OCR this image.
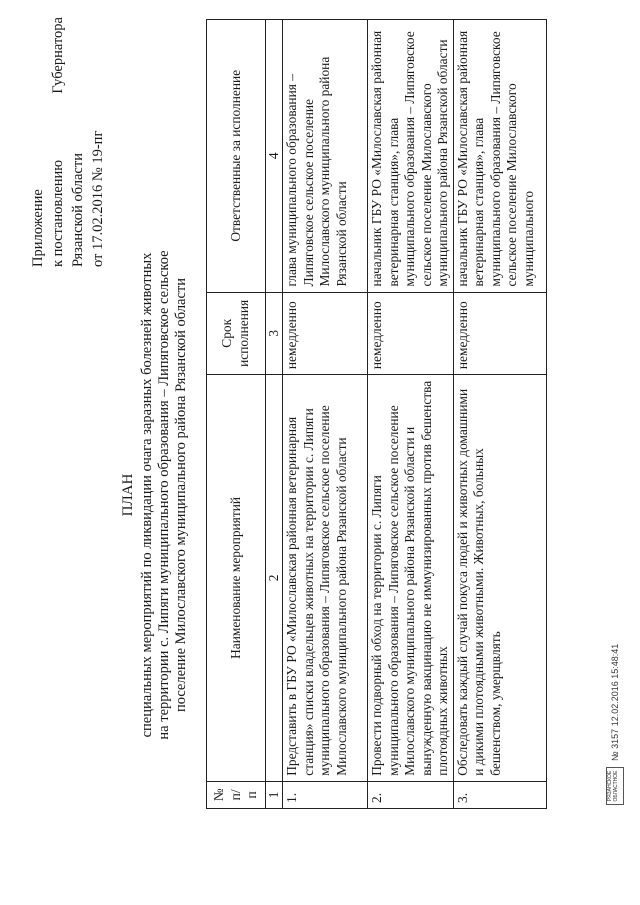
Приложение к постановлению
Губернатора
Рязанской области от 17.02.2016 № 19-пг
ПЛАН специальных мероприятий по ликвидации очага заразных болезней животных на территории с. Липяги муниципального образования – Липяговское сельское поселение Милославского муниципального района Рязанской области
№ п/п	Наименование мероприятий	Срок исполнения	Ответственные за исполнение
1	2	3	4
1.	Представить в ГБУ РО «Милославская районная ветеринарная станция» списки владельцев животных на территории с. Липяги муниципального образования – Липяговское сельское поселение Милославского муниципального района Рязанской области	немедленно	глава муниципального образования – Липяговское сельское поселение Милославского муниципального района Рязанской области
2.	Провести подворный обход на территории с. Липяги муниципального образования – Липяговское сельское поселение Милославского муниципального района Рязанской области и вынужденную вакцинацию не иммунизированных против бешенства плотоядных животных	немедленно	начальник ГБУ РО «Милославская районная ветеринарная станция», глава муниципального образования – Липяговское сельское поселение Милославского муниципального района Рязанской области
3.	Обследовать каждый случай покуса людей и животных домашними и дикими плотоядными животными. Животных, больных бешенством, умерщвлять	немедленно	начальник ГБУ РО «Милославская районная ветеринарная станция», глава муниципального образования – Липяговское сельское поселение Милославского муниципального
РЯЗАНСКОЕ ОБЛАСТНОЕ
№ 3157 12.02.2016 15:48:41
